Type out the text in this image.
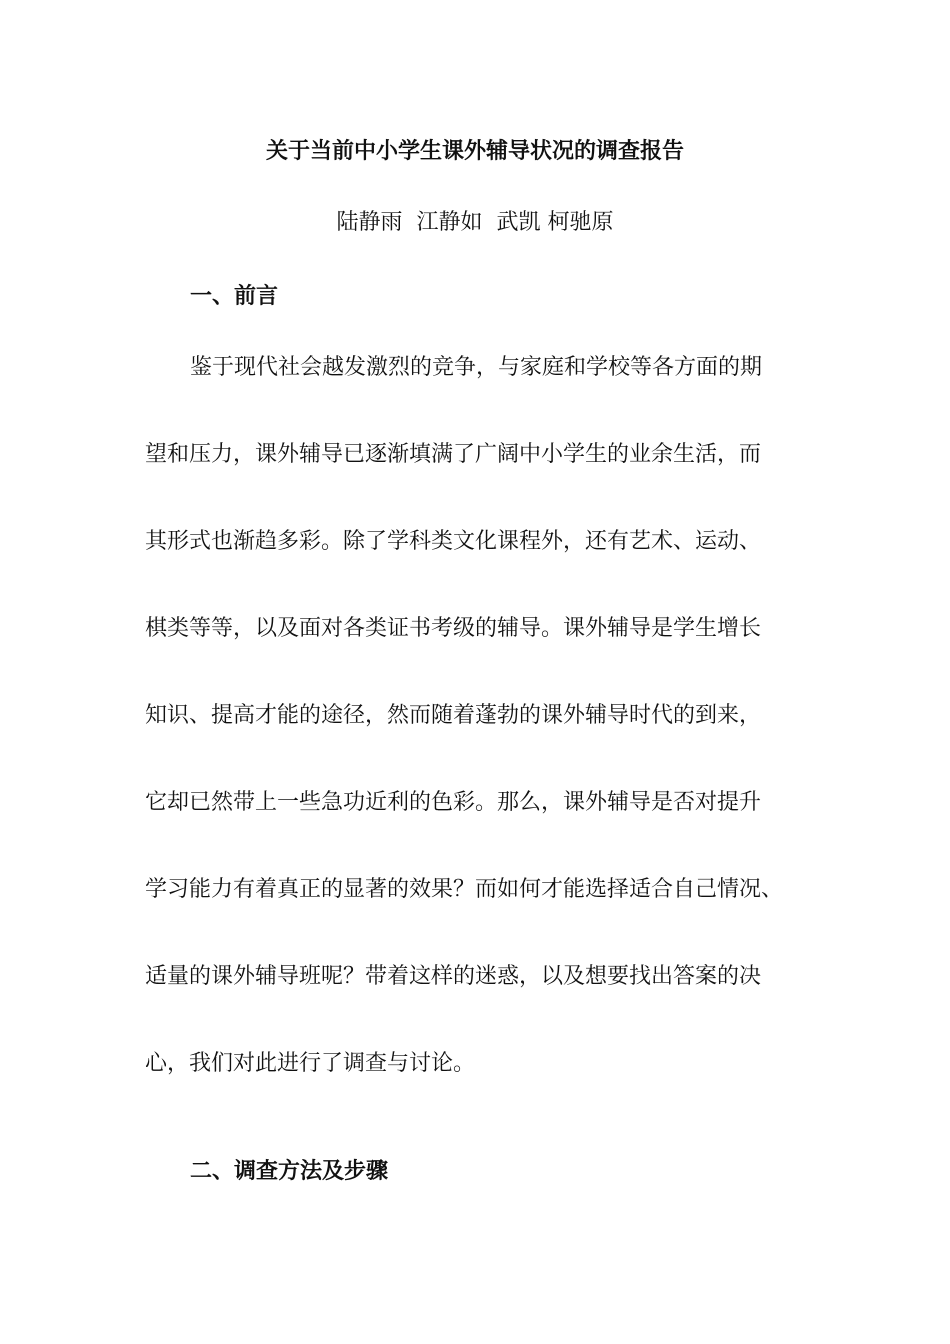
关于当前中小学生课外辅导状况的调查报告
陆静雨  江静如  武凯 柯驰原
一、前言
鉴于现代社会越发激烈的竞争，与家庭和学校等各方面的期
望和压力，课外辅导已逐渐填满了广阔中小学生的业余生活，而
其形式也渐趋多彩。除了学科类文化课程外，还有艺术、运动、
棋类等等，以及面对各类证书考级的辅导。课外辅导是学生增长
知识、提高才能的途径，然而随着蓬勃的课外辅导时代的到来，
它却已然带上一些急功近利的色彩。那么，课外辅导是否对提升
学习能力有着真正的显著的效果？而如何才能选择适合自己情况、
适量的课外辅导班呢？带着这样的迷惑，以及想要找出答案的决
心，我们对此进行了调查与讨论。
二、调查方法及步骤
